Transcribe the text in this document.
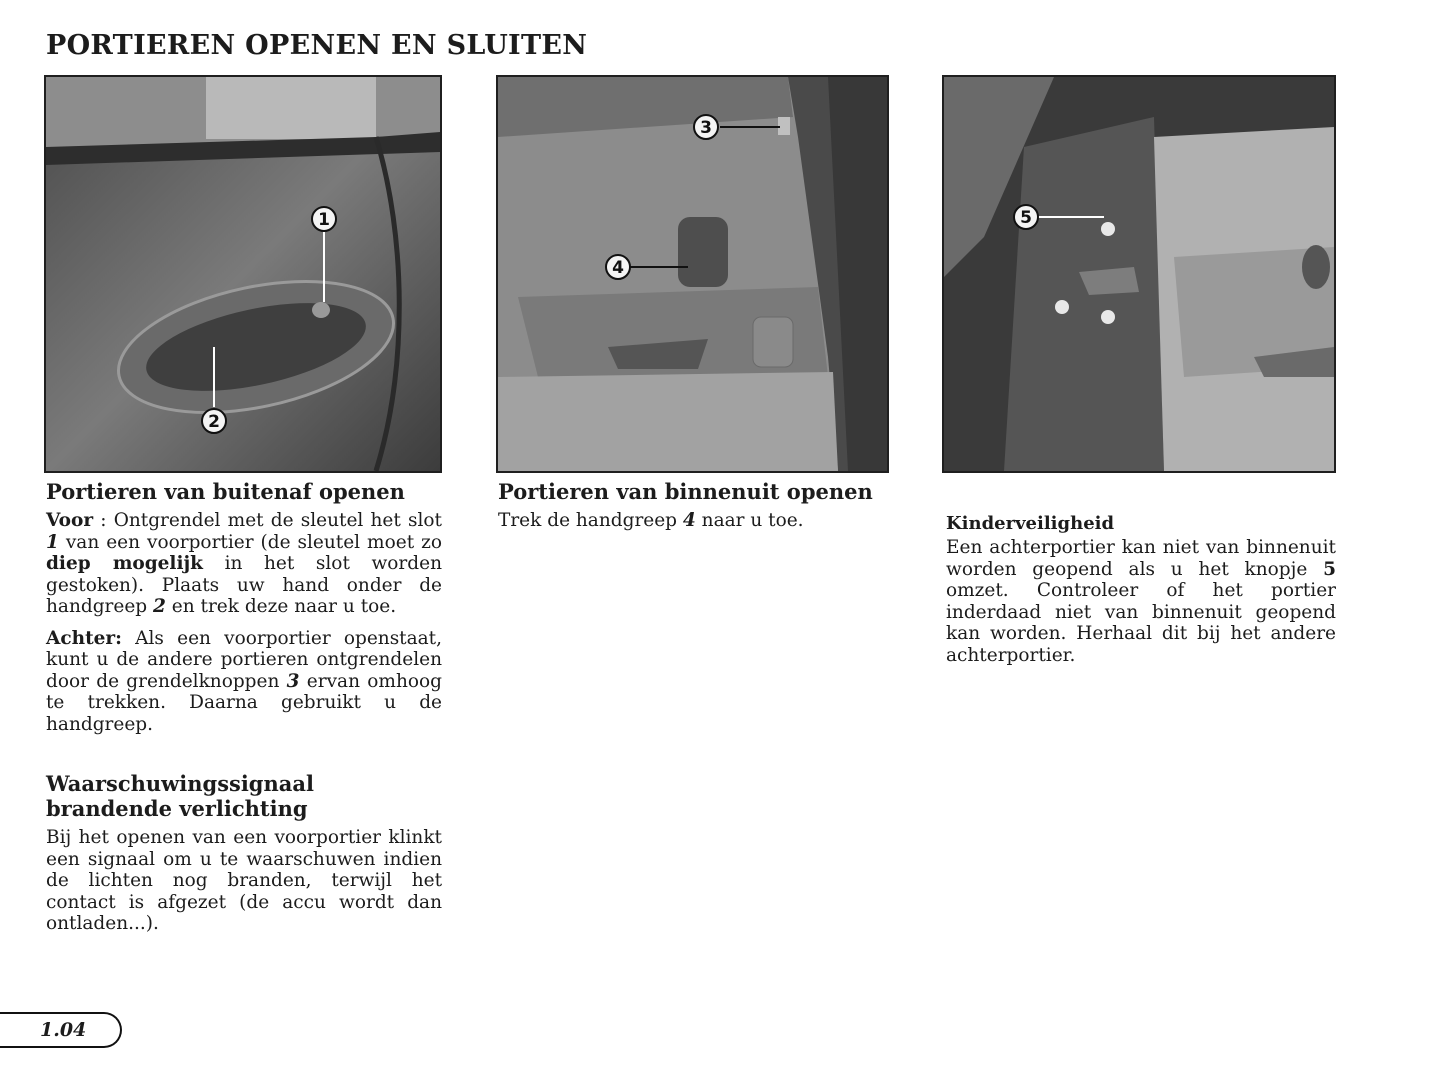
PORTIEREN OPENEN EN SLUITEN
1
2
3
4
5
Portieren van buitenaf openen

Voor : Ontgrendel met de sleutel het slot 1 van een voorportier (de sleutel moet zo diep mogelijk in het slot worden gestoken). Plaats uw hand onder de handgreep 2 en trek deze naar u toe.

Achter: Als een voorportier openstaat, kunt u de andere portieren ontgrendelen door de grendelknoppen 3 ervan omhoog te trekken. Daarna gebruikt u de handgreep.

Waarschuwingssignaal brandende verlichting

Bij het openen van een voorportier klinkt een signaal om u te waarschuwen indien de lichten nog branden, terwijl het contact is afgezet (de accu wordt dan ontladen...).

Portieren van binnenuit openen

Trek de handgreep 4 naar u toe.	Kinderveiligheid

Een achterportier kan niet van binnenuit worden geopend als u het knopje 5 omzet. Controleer of het portier inderdaad niet van binnenuit geopend kan worden. Herhaal dit bij het andere achterportier.

1.04
